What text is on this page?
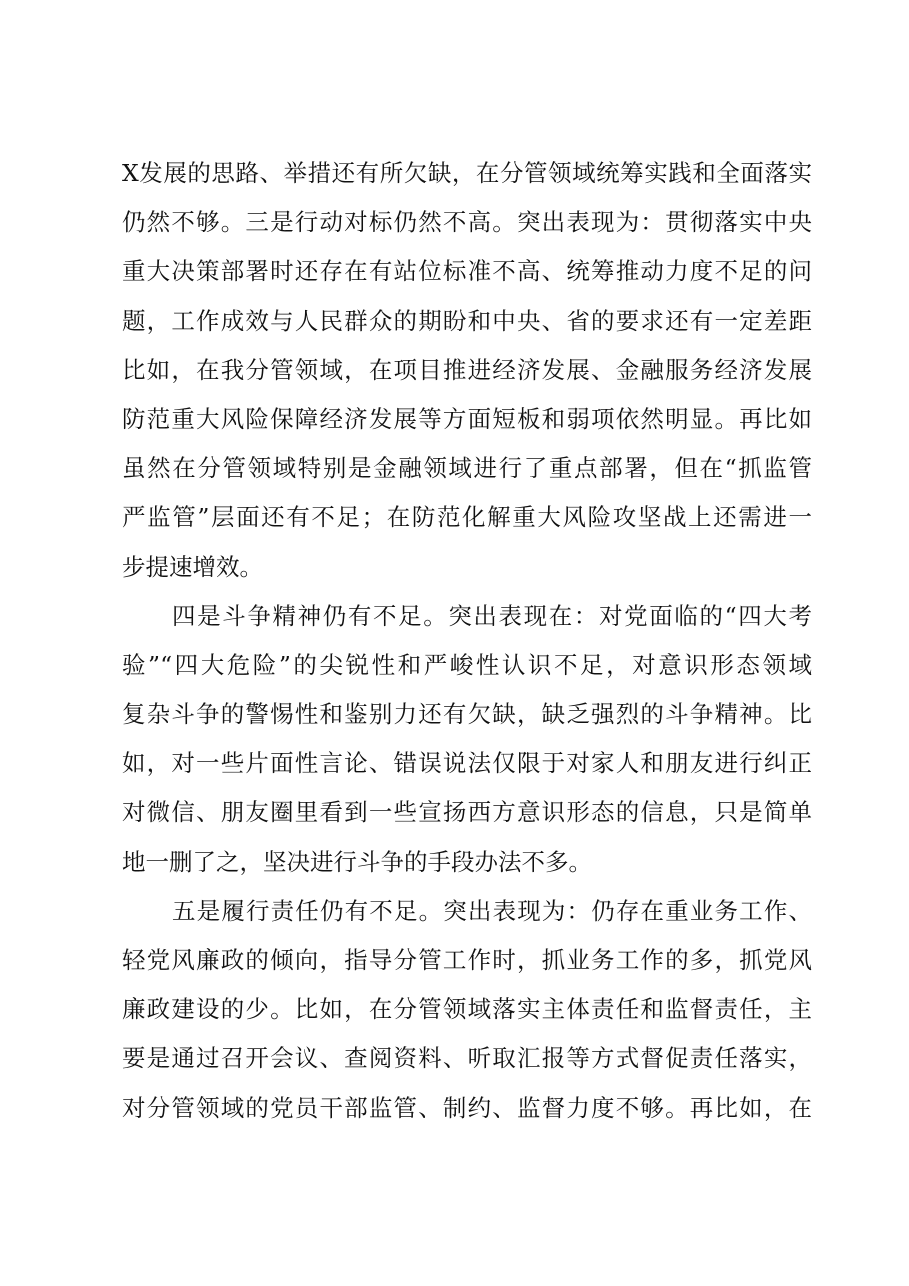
X发展的思路、举措还有所欠缺，在分管领域统筹实践和全面落实
仍然不够。三是行动对标仍然不高。突出表现为：贯彻落实中央
重大决策部署时还存在有站位标准不高、统筹推动力度不足的问
题，工作成效与人民群众的期盼和中央、省的要求还有一定差距
比如，在我分管领域，在项目推进经济发展、金融服务经济发展
防范重大风险保障经济发展等方面短板和弱项依然明显。再比如
虽然在分管领域特别是金融领域进行了重点部署，但在“抓监管
严监管”层面还有不足；在防范化解重大风险攻坚战上还需进一
步提速增效。
四是斗争精神仍有不足。突出表现在：对党面临的“四大考
验”“四大危险”的尖锐性和严峻性认识不足，对意识形态领域
复杂斗争的警惕性和鉴别力还有欠缺，缺乏强烈的斗争精神。比
如，对一些片面性言论、错误说法仅限于对家人和朋友进行纠正
对微信、朋友圈里看到一些宣扬西方意识形态的信息，只是简单
地一删了之，坚决进行斗争的手段办法不多。
五是履行责任仍有不足。突出表现为：仍存在重业务工作、
轻党风廉政的倾向，指导分管工作时，抓业务工作的多，抓党风
廉政建设的少。比如，在分管领域落实主体责任和监督责任，主
要是通过召开会议、查阅资料、听取汇报等方式督促责任落实，
对分管领域的党员干部监管、制约、监督力度不够。再比如，在
